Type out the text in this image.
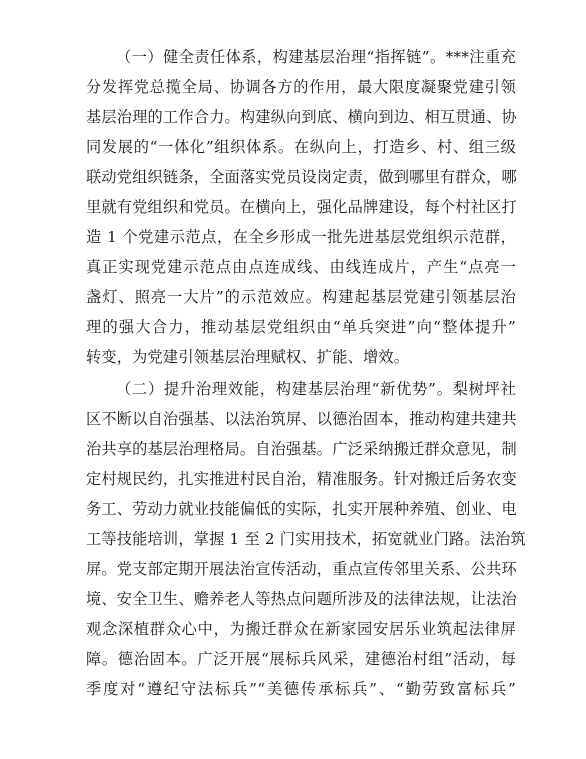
（一）健全责任体系，构建基层治理“指挥链”。***注重充
分发挥党总揽全局、协调各方的作用，最大限度凝聚党建引领
基层治理的工作合力。构建纵向到底、横向到边、相互贯通、协
同发展的“一体化”组织体系。在纵向上，打造乡、村、组三级
联动党组织链条，全面落实党员设岗定责，做到哪里有群众，哪
里就有党组织和党员。在横向上，强化品牌建设，每个村社区打
造 1 个党建示范点，在全乡形成一批先进基层党组织示范群，
真正实现党建示范点由点连成线、由线连成片，产生“点亮一
盏灯、照亮一大片”的示范效应。构建起基层党建引领基层治
理的强大合力，推动基层党组织由“单兵突进”向“整体提升”
转变，为党建引领基层治理赋权、扩能、增效。
（二）提升治理效能，构建基层治理“新优势”。梨树坪社
区不断以自治强基、以法治筑屏、以德治固本，推动构建共建共
治共享的基层治理格局。自治强基。广泛采纳搬迁群众意见，制
定村规民约，扎实推进村民自治，精准服务。针对搬迁后务农变
务工、劳动力就业技能偏低的实际，扎实开展种养殖、创业、电
工等技能培训，掌握 1 至 2 门实用技术，拓宽就业门路。法治筑
屏。党支部定期开展法治宣传活动，重点宣传邻里关系、公共环
境、安全卫生、赡养老人等热点问题所涉及的法律法规，让法治
观念深植群众心中，为搬迁群众在新家园安居乐业筑起法律屏
障。德治固本。广泛开展“展标兵风采，建德治村组”活动，每
季度对“遵纪守法标兵”“美德传承标兵”、“勤劳致富标兵”
